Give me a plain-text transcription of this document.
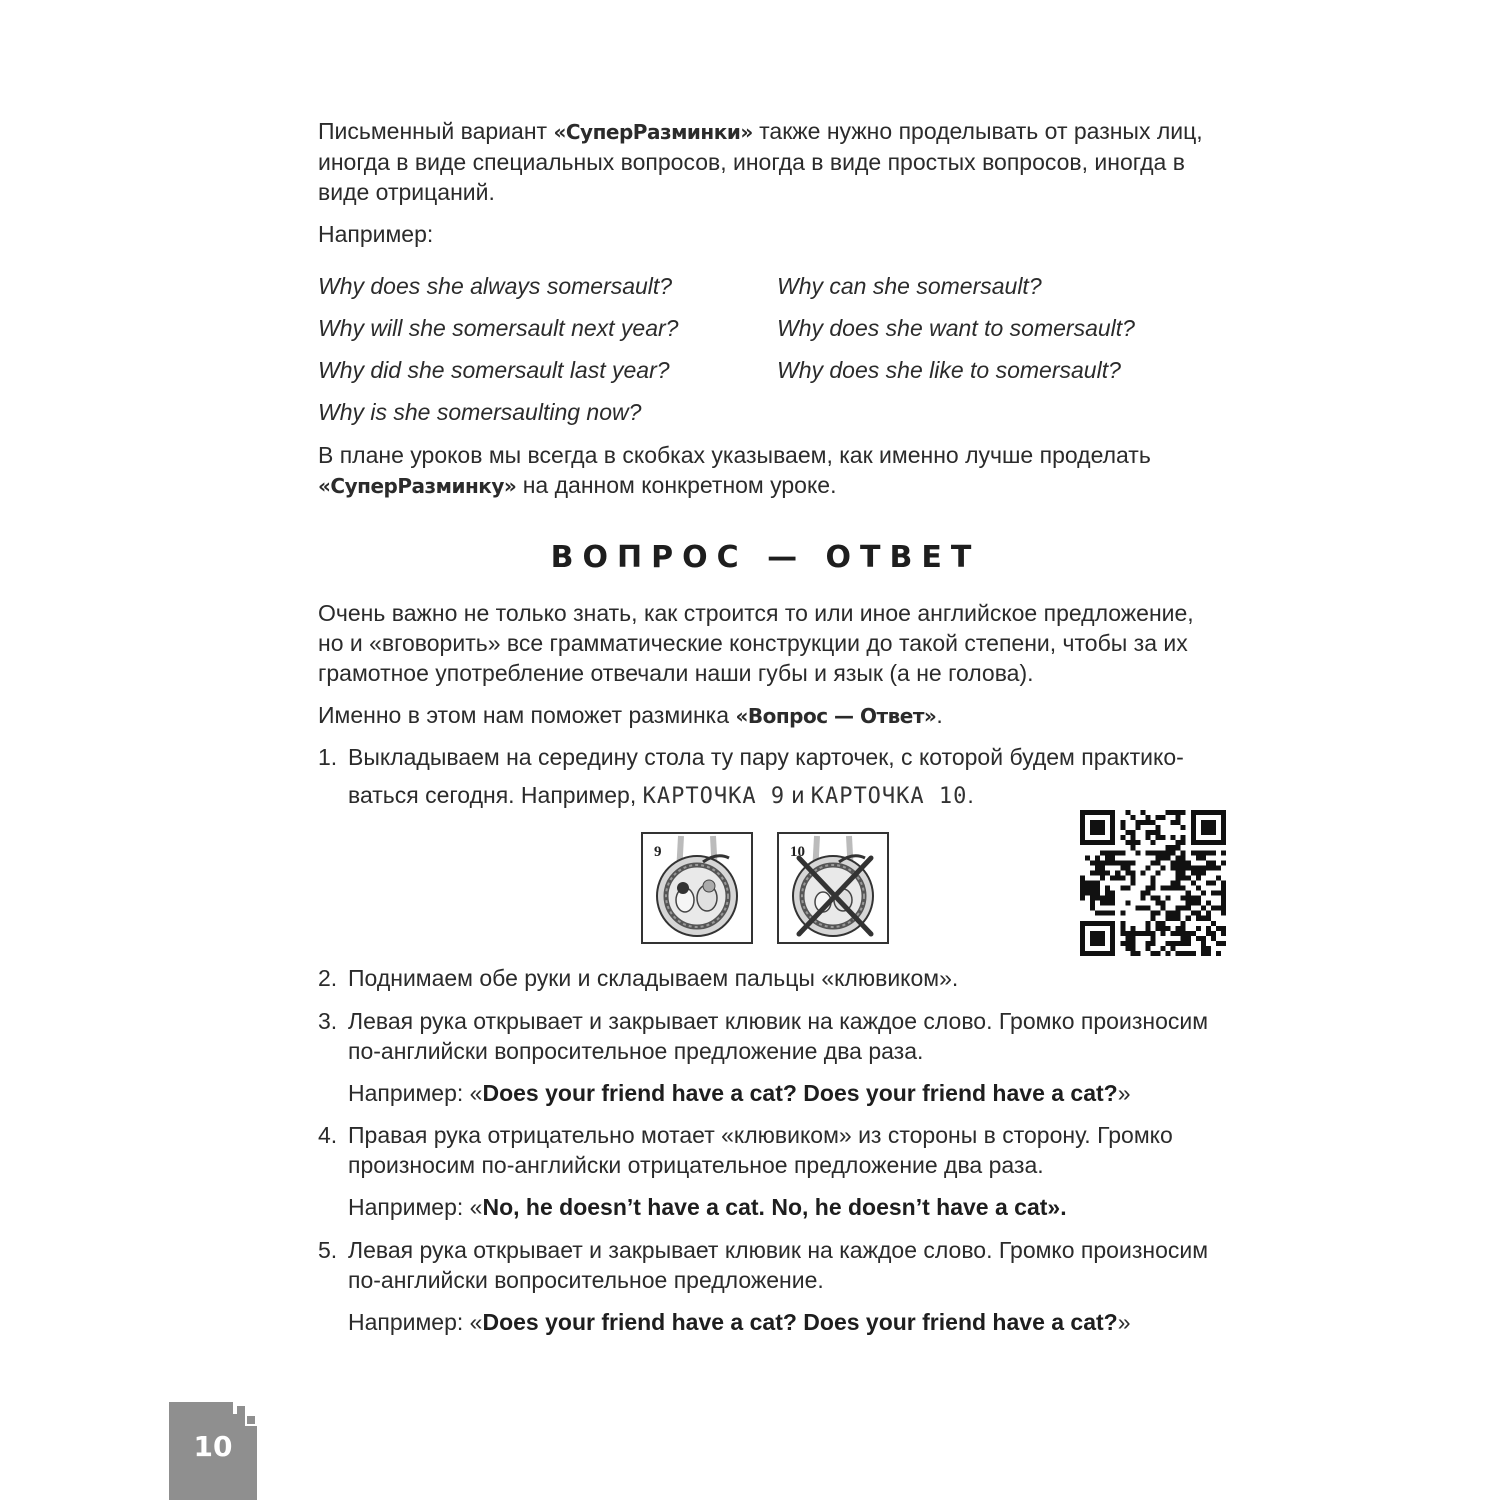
Письменный вариант «СуперРазминки» также нужно проделывать от разных лиц, иногда в виде специальных вопросов, иногда в виде простых вопросов, иногда в виде отрицаний.

Например:

Why does she always somersault?

Why will she somersault next year?

Why did she somersault last year?

Why is she somersaulting now?

Why can she somersault?

Why does she want to somersault?

Why does she like to somersault?

В плане уроков мы всегда в скобках указываем, как именно лучше проделать «СуперРазминку» на данном конкретном уроке.

ВОПРОС — ОТВЕТ

Очень важно не только знать, как строится то или иное английское предложение, но и «вговорить» все грамматические конструкции до такой степени, чтобы за их грамотное употребление отвечали наши губы и язык (а не голова).

Именно в этом нам поможет разминка «Вопрос — Ответ».

1. Выкладываем на середину стола ту пару карточек, с которой будем практико-ваться сегодня. Например, КАРТОЧКА 9 и КАРТОЧКА 10.

9	10
2. Поднимаем обе руки и складываем пальцы «клювиком».

3. Левая рука открывает и закрывает клювик на каждое слово. Громко произносим по-английски вопросительное предложение два раза.

Например: «Does your friend have a cat? Does your friend have a cat?»

4. Правая рука отрицательно мотает «клювиком» из стороны в сторону. Громко произносим по-английски отрицательное предложение два раза.

Например: «No, he doesn’t have a cat. No, he doesn’t have a cat».

5. Левая рука открывает и закрывает клювик на каждое слово. Громко произносим по-английски вопросительное предложение.

Например: «Does your friend have a cat? Does your friend have a cat?»

10
